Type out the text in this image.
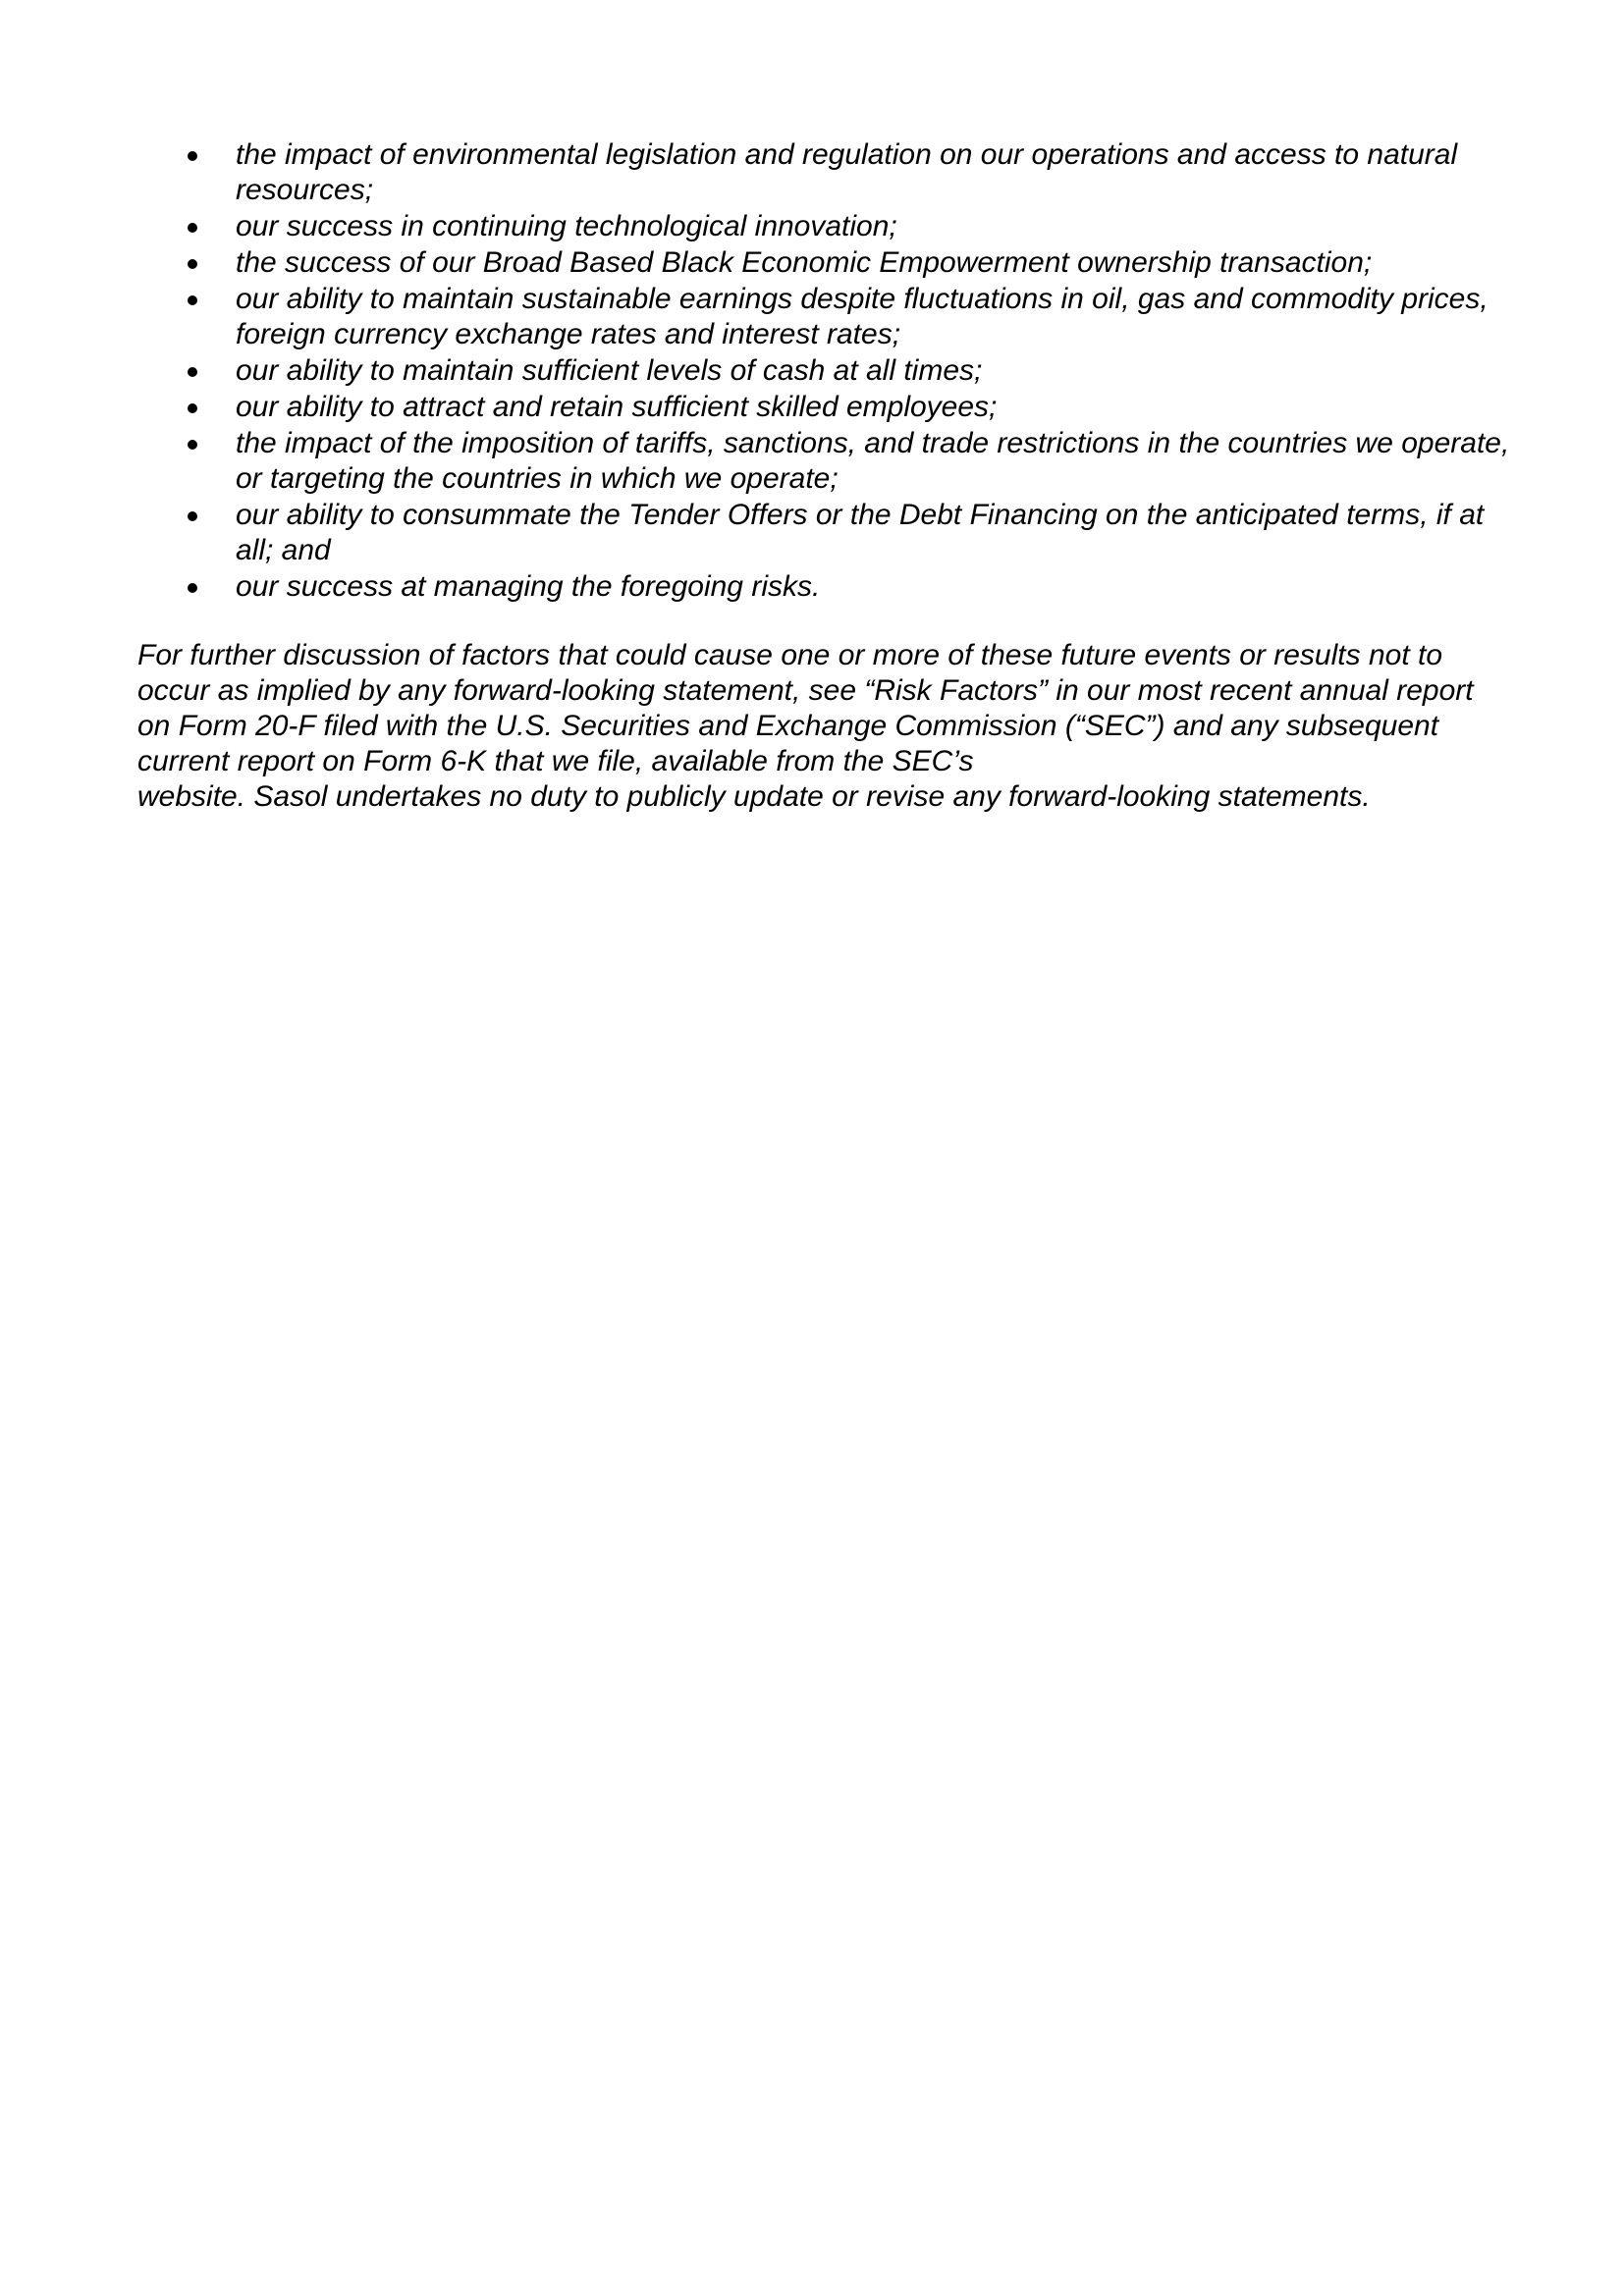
the impact of environmental legislation and regulation on our operations and access to natural resources;
our success in continuing technological innovation;
the success of our Broad Based Black Economic Empowerment ownership transaction;
our ability to maintain sustainable earnings despite fluctuations in oil, gas and commodity prices, foreign currency exchange rates and interest rates;
our ability to maintain sufficient levels of cash at all times;
our ability to attract and retain sufficient skilled employees;
the impact of the imposition of tariffs, sanctions, and trade restrictions in the countries we operate, or targeting the countries in which we operate;
our ability to consummate the Tender Offers or the Debt Financing on the anticipated terms, if at all; and
our success at managing the foregoing risks.

For further discussion of factors that could cause one or more of these future events or results not to occur as implied by any forward-looking statement, see “Risk Factors” in our most recent annual report on Form 20-F filed with the U.S. Securities and Exchange Commission (“SEC”) and any subsequent current report on Form 6-K that we file, available from the SEC’s
website. Sasol undertakes no duty to publicly update or revise any forward-looking statements.
